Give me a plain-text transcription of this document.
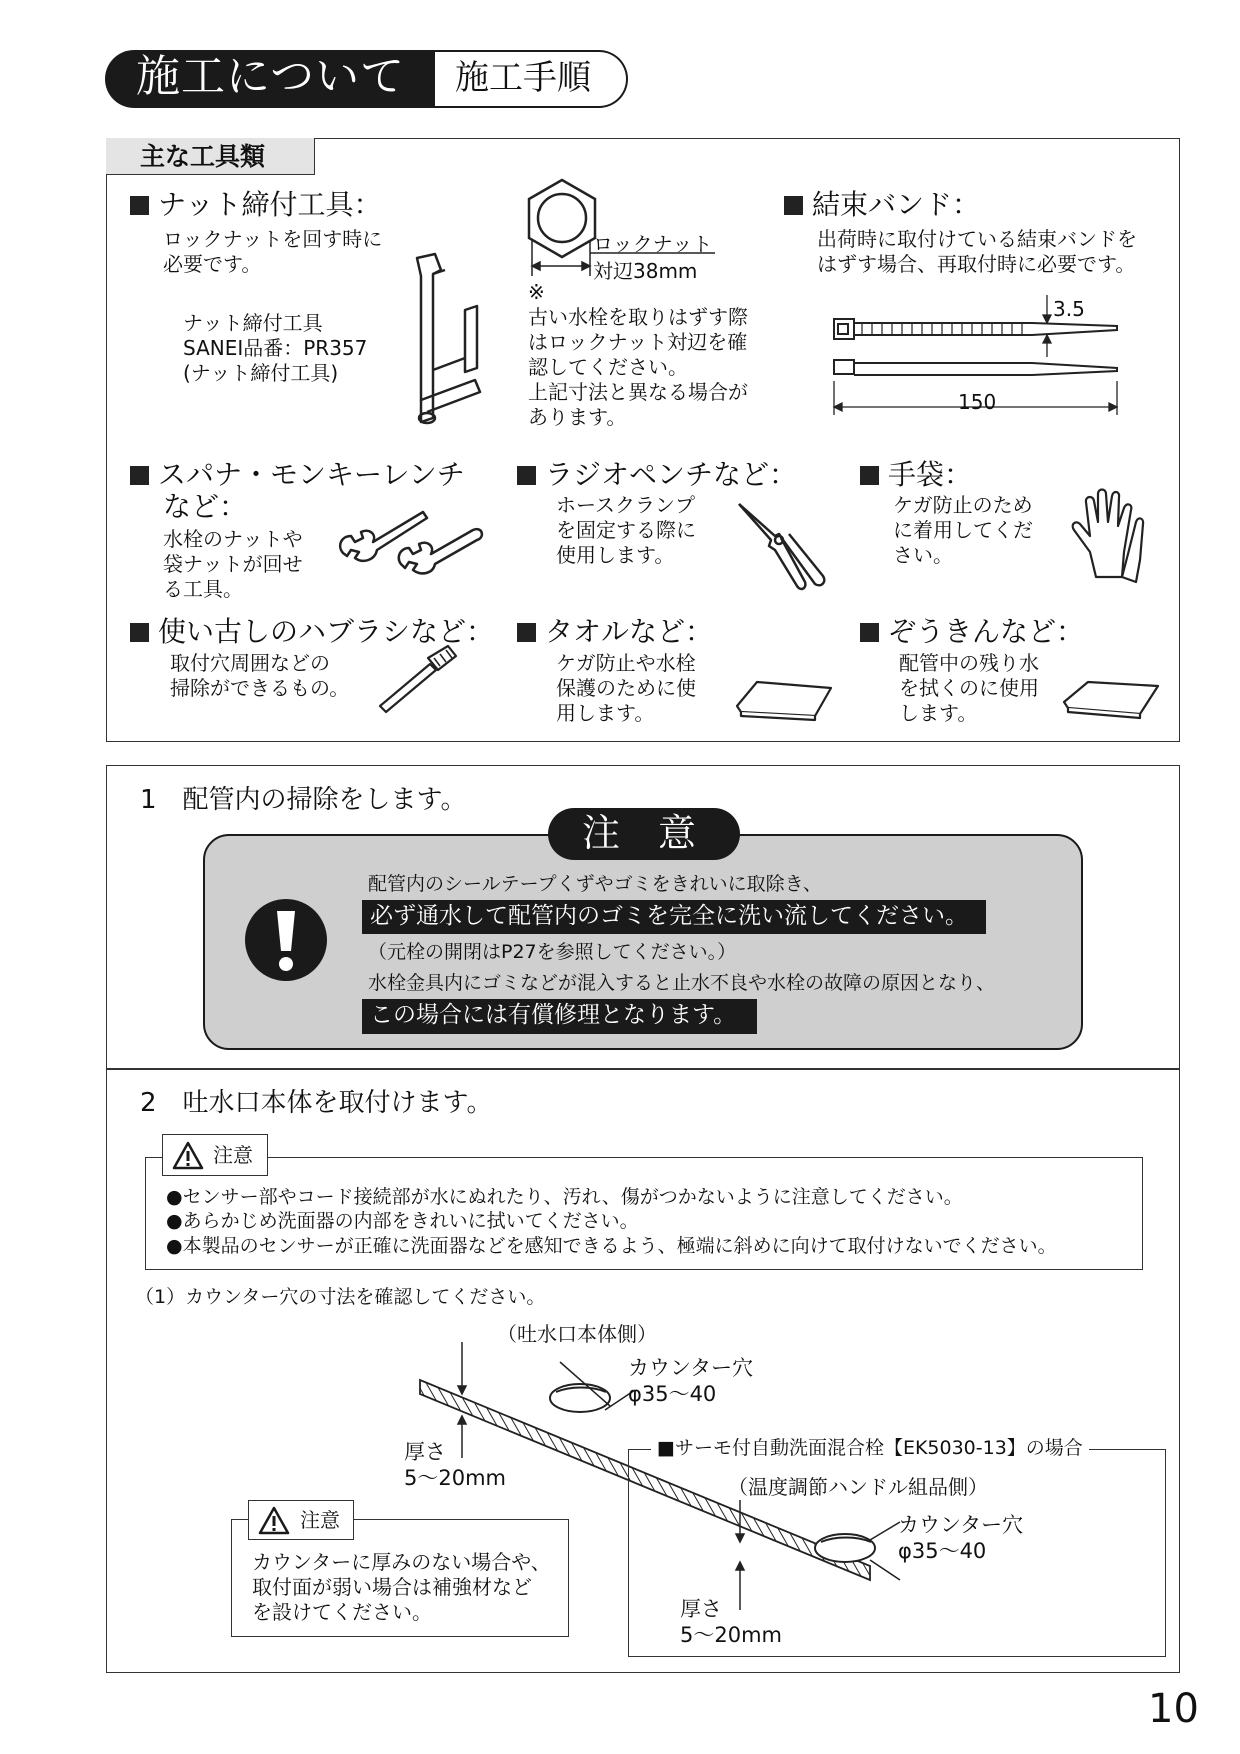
施工について 施工手順
主な工具類
ナット締付工具：
ロックナットを回す時に
必要です。
ナット締付工具
SANEI品番：PR357
(ナット締付工具)
ロックナット
対辺38mm
※
古い水栓を取りはずす際
はロックナット対辺を確
認してください。
上記寸法と異なる場合が
あります。
結束バンド：
出荷時に取付けている結束バンドを
はずす場合、再取付時に必要です。
3.5
150
スパナ・モンキーレンチ
など：
水栓のナットや
袋ナットが回せ
る工具。
ラジオペンチなど：
ホースクランプ
を固定する際に
使用します。
手袋：
ケガ防止のため
に着用してくだ
さい。
使い古しのハブラシなど：
取付穴周囲などの
掃除ができるもの。
タオルなど：
ケガ防止や水栓
保護のために使
用します。
ぞうきんなど：
配管中の残り水
を拭くのに使用
します。
1　配管内の掃除をします。
注　意
配管内のシールテープくずやゴミをきれいに取除き、
必ず通水して配管内のゴミを完全に洗い流してください。
（元栓の開閉はP27を参照してください。）
水栓金具内にゴミなどが混入すると止水不良や水栓の故障の原因となり、
この場合には有償修理となります。
2　吐水口本体を取付けます。
注意
●センサー部やコード接続部が水にぬれたり、汚れ、傷がつかないように注意してください。
●あらかじめ洗面器の内部をきれいに拭いてください。
●本製品のセンサーが正確に洗面器などを感知できるよう、極端に斜めに向けて取付けないでください。
（1）カウンター穴の寸法を確認してください。
（吐水口本体側）
カウンター穴
φ35〜40
厚さ
5〜20mm
注意
カウンターに厚みのない場合や、
取付面が弱い場合は補強材など
を設けてください。
■サーモ付自動洗面混合栓【EK5030-13】の場合
（温度調節ハンドル組品側）
カウンター穴
φ35〜40
厚さ
5〜20mm
10
